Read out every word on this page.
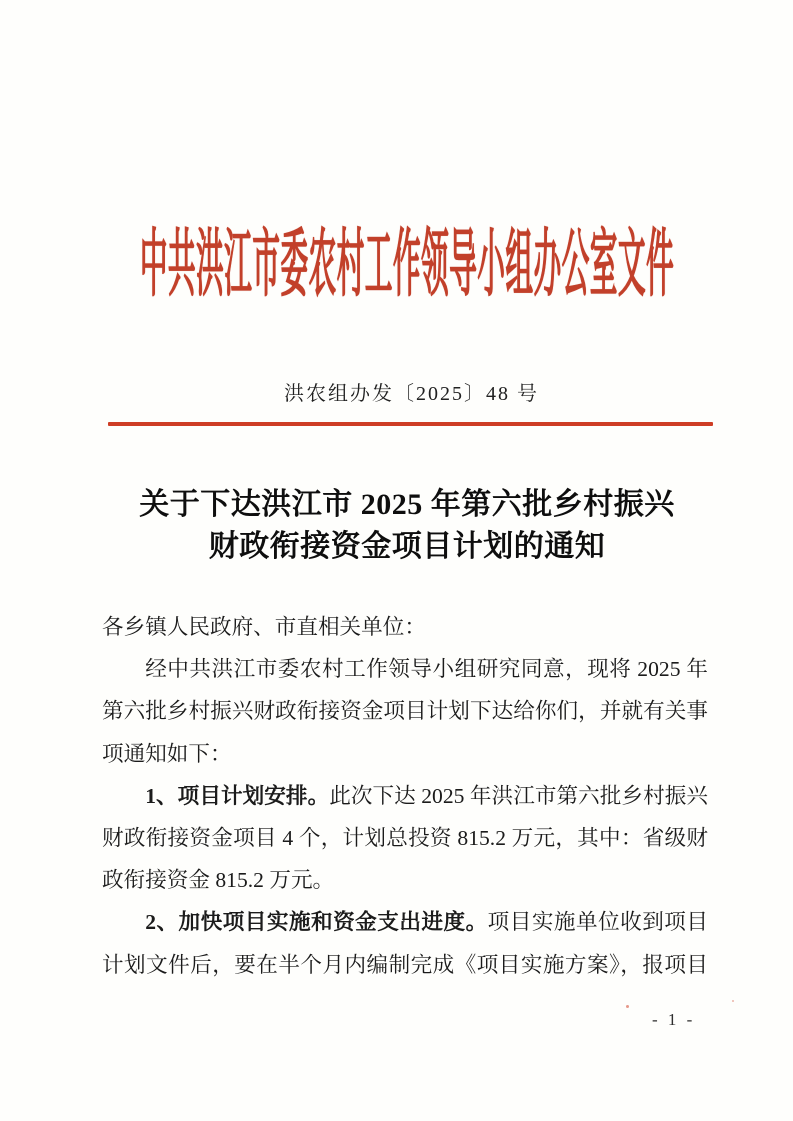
中共洪江市委农村工作领导小组办公室文件
洪农组办发〔2025〕48 号
关于下达洪江市 2025 年第六批乡村振兴
财政衔接资金项目计划的通知
各乡镇人民政府、市直相关单位：
经中共洪江市委农村工作领导小组研究同意，现将 2025 年
第六批乡村振兴财政衔接资金项目计划下达给你们，并就有关事
项通知如下：
1、项目计划安排。此次下达 2025 年洪江市第六批乡村振兴
财政衔接资金项目 4 个，计划总投资 815.2 万元，其中：省级财
政衔接资金 815.2 万元。
2、加快项目实施和资金支出进度。项目实施单位收到项目
计划文件后，要在半个月内编制完成《项目实施方案》，报项目
- 1 -
